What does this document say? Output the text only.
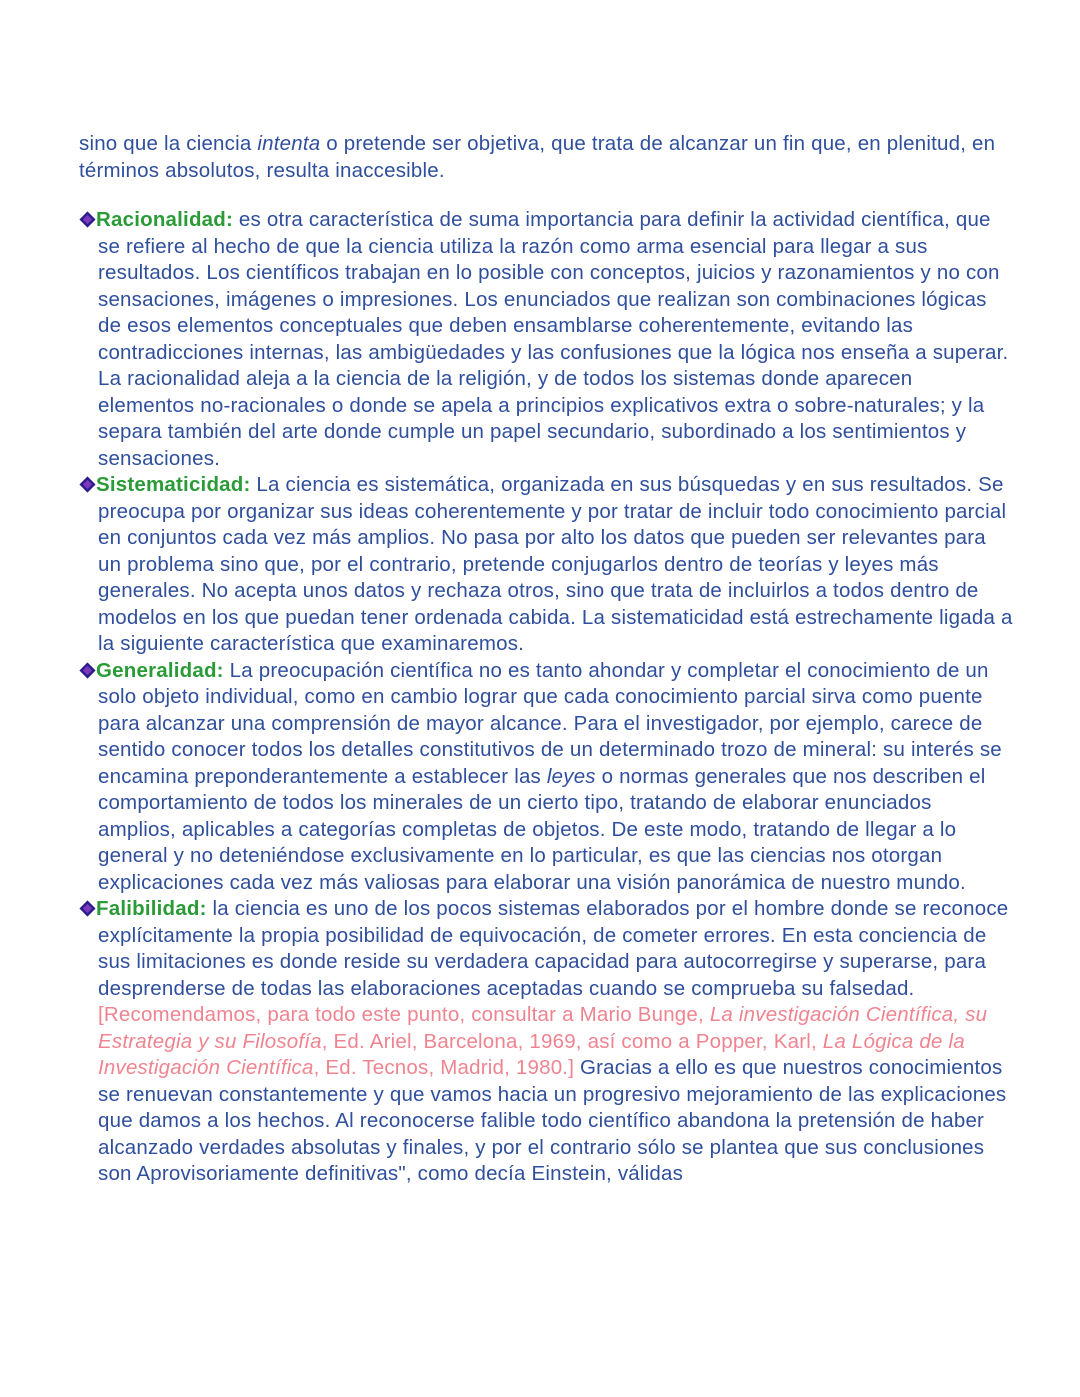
sino que la ciencia intenta o pretende ser objetiva, que trata de alcanzar un fin que, en plenitud, en términos absolutos, resulta inaccesible.

Racionalidad: es otra característica de suma importancia para definir la actividad científica, que se refiere al hecho de que la ciencia utiliza la razón como arma esencial para llegar a sus resultados. Los científicos trabajan en lo posible con conceptos, juicios y razonamientos y no con sensaciones, imágenes o impresiones. Los enunciados que realizan son combinaciones lógicas de esos elementos conceptuales que deben ensamblarse coherentemente, evitando las contradicciones internas, las ambigüedades y las confusiones que la lógica nos enseña a superar. La racionalidad aleja a la ciencia de la religión, y de todos los sistemas donde aparecen elementos no-racionales o donde se apela a principios explicativos extra o sobre-naturales; y la separa también del arte donde cumple un papel secundario, subordinado a los sentimientos y sensaciones.

Sistematicidad: La ciencia es sistemática, organizada en sus búsquedas y en sus resultados. Se preocupa por organizar sus ideas coherentemente y por tratar de incluir todo conocimiento parcial en conjuntos cada vez más amplios. No pasa por alto los datos que pueden ser relevantes para un problema sino que, por el contrario, pretende conjugarlos dentro de teorías y leyes más generales. No acepta unos datos y rechaza otros, sino que trata de incluirlos a todos dentro de modelos en los que puedan tener ordenada cabida. La sistematicidad está estrechamente ligada a la siguiente característica que examinaremos.

Generalidad: La preocupación científica no es tanto ahondar y completar el conocimiento de un solo objeto individual, como en cambio lograr que cada conocimiento parcial sirva como puente para alcanzar una comprensión de mayor alcance. Para el investigador, por ejemplo, carece de sentido conocer todos los detalles constitutivos de un determinado trozo de mineral: su interés se encamina preponderantemente a establecer las leyes o normas generales que nos describen el comportamiento de todos los minerales de un cierto tipo, tratando de elaborar enunciados amplios, aplicables a categorías completas de objetos. De este modo, tratando de llegar a lo general y no deteniéndose exclusivamente en lo particular, es que las ciencias nos otorgan explicaciones cada vez más valiosas para elaborar una visión panorámica de nuestro mundo.

Falibilidad: la ciencia es uno de los pocos sistemas elaborados por el hombre donde se reconoce explícitamente la propia posibilidad de equivocación, de cometer errores. En esta conciencia de sus limitaciones es donde reside su verdadera capacidad para autocorregirse y superarse, para desprenderse de todas las elaboraciones aceptadas cuando se comprueba su falsedad.  [Recomendamos, para todo este punto, consultar a Mario Bunge, La investigación Científica, su Estrategia y su Filosofía, Ed. Ariel, Barcelona, 1969, así como a Popper, Karl, La Lógica de la Investigación Científica, Ed. Tecnos, Madrid, 1980.] Gracias a ello es que nuestros conocimientos se renuevan constantemente y que vamos hacia un progresivo mejoramiento de las explicaciones que damos a los hechos. Al reconocerse falible todo científico abandona la pretensión de haber alcanzado verdades absolutas y finales, y por el contrario sólo se plantea que sus conclusiones son Aprovisoriamente definitivas", como decía Einstein, válidas
